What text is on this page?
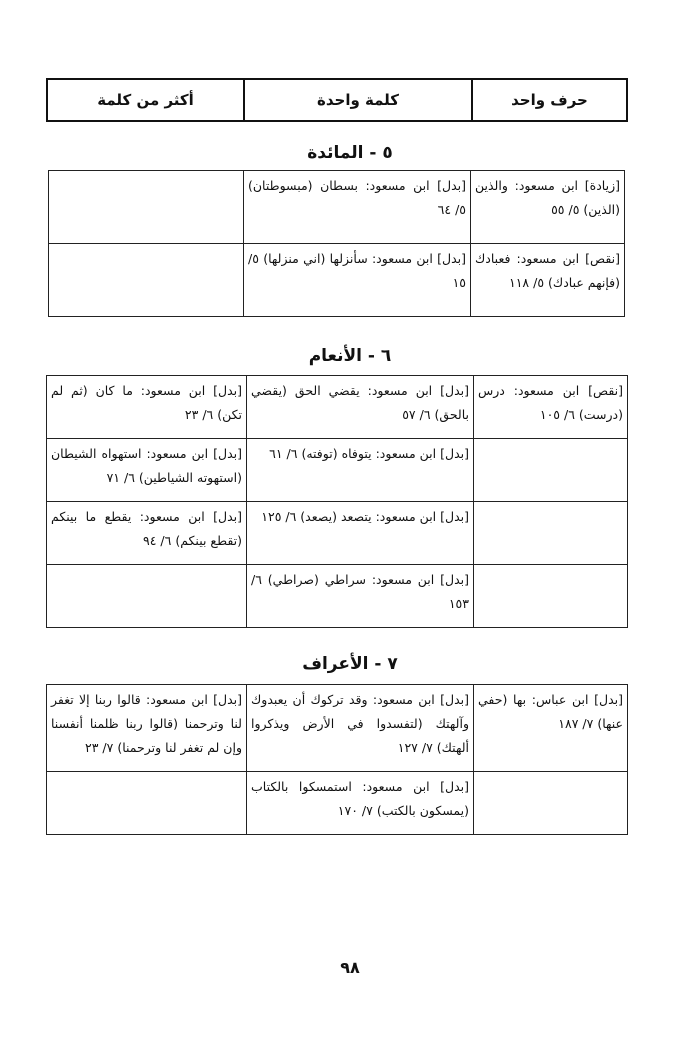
حرف واحد	كلمة واحدة	أكثر من كلمة
٥ - المائدة
[زيادة] ابن مسعود: والذين (الذين) ٥/ ٥٥	[بدل] ابن مسعود: بسطان (مبسوطتان) ٥/ ٦٤	
[نقص] ابن مسعود: فعبادك (فإنهم عبادك) ٥/ ١١٨	[بدل] ابن مسعود: سأنزلها (اني منزلها) ٥/ ١٥	
٦ - الأنعام
[نقص] ابن مسعود: درس (درست) ٦/ ١٠٥	[بدل] ابن مسعود: يقضي الحق (يقضي بالحق) ٦/ ٥٧	[بدل] ابن مسعود: ما كان (ثم لم تكن) ٦/ ٢٣
	[بدل] ابن مسعود: يتوفاه (توفته) ٦/ ٦١	[بدل] ابن مسعود: استهواه الشيطان (استهوته الشياطين) ٦/ ٧١
	[بدل] ابن مسعود: يتصعد (يصعد) ٦/ ١٢٥	[بدل] ابن مسعود: يقطع ما بينكم (تقطع بينكم) ٦/ ٩٤
	[بدل] ابن مسعود: سراطي (صراطي) ٦/ ١٥٣	
٧ - الأعراف
[بدل] ابن عباس: بها (حفي عنها) ٧/ ١٨٧	[بدل] ابن مسعود: وقد تركوك أن يعبدوك وآلهتك (لتفسدوا في الأرض ويذكروا ألهتك) ٧/ ١٢٧	[بدل] ابن مسعود: قالوا ربنا إلا تغفر لنا وترحمنا (قالوا ربنا ظلمنا أنفسنا وإن لم تغفر لنا وترحمنا) ٧/ ٢٣
	[بدل] ابن مسعود: استمسكوا بالكتاب (يمسكون بالكتب) ٧/ ١٧٠	
٩٨
